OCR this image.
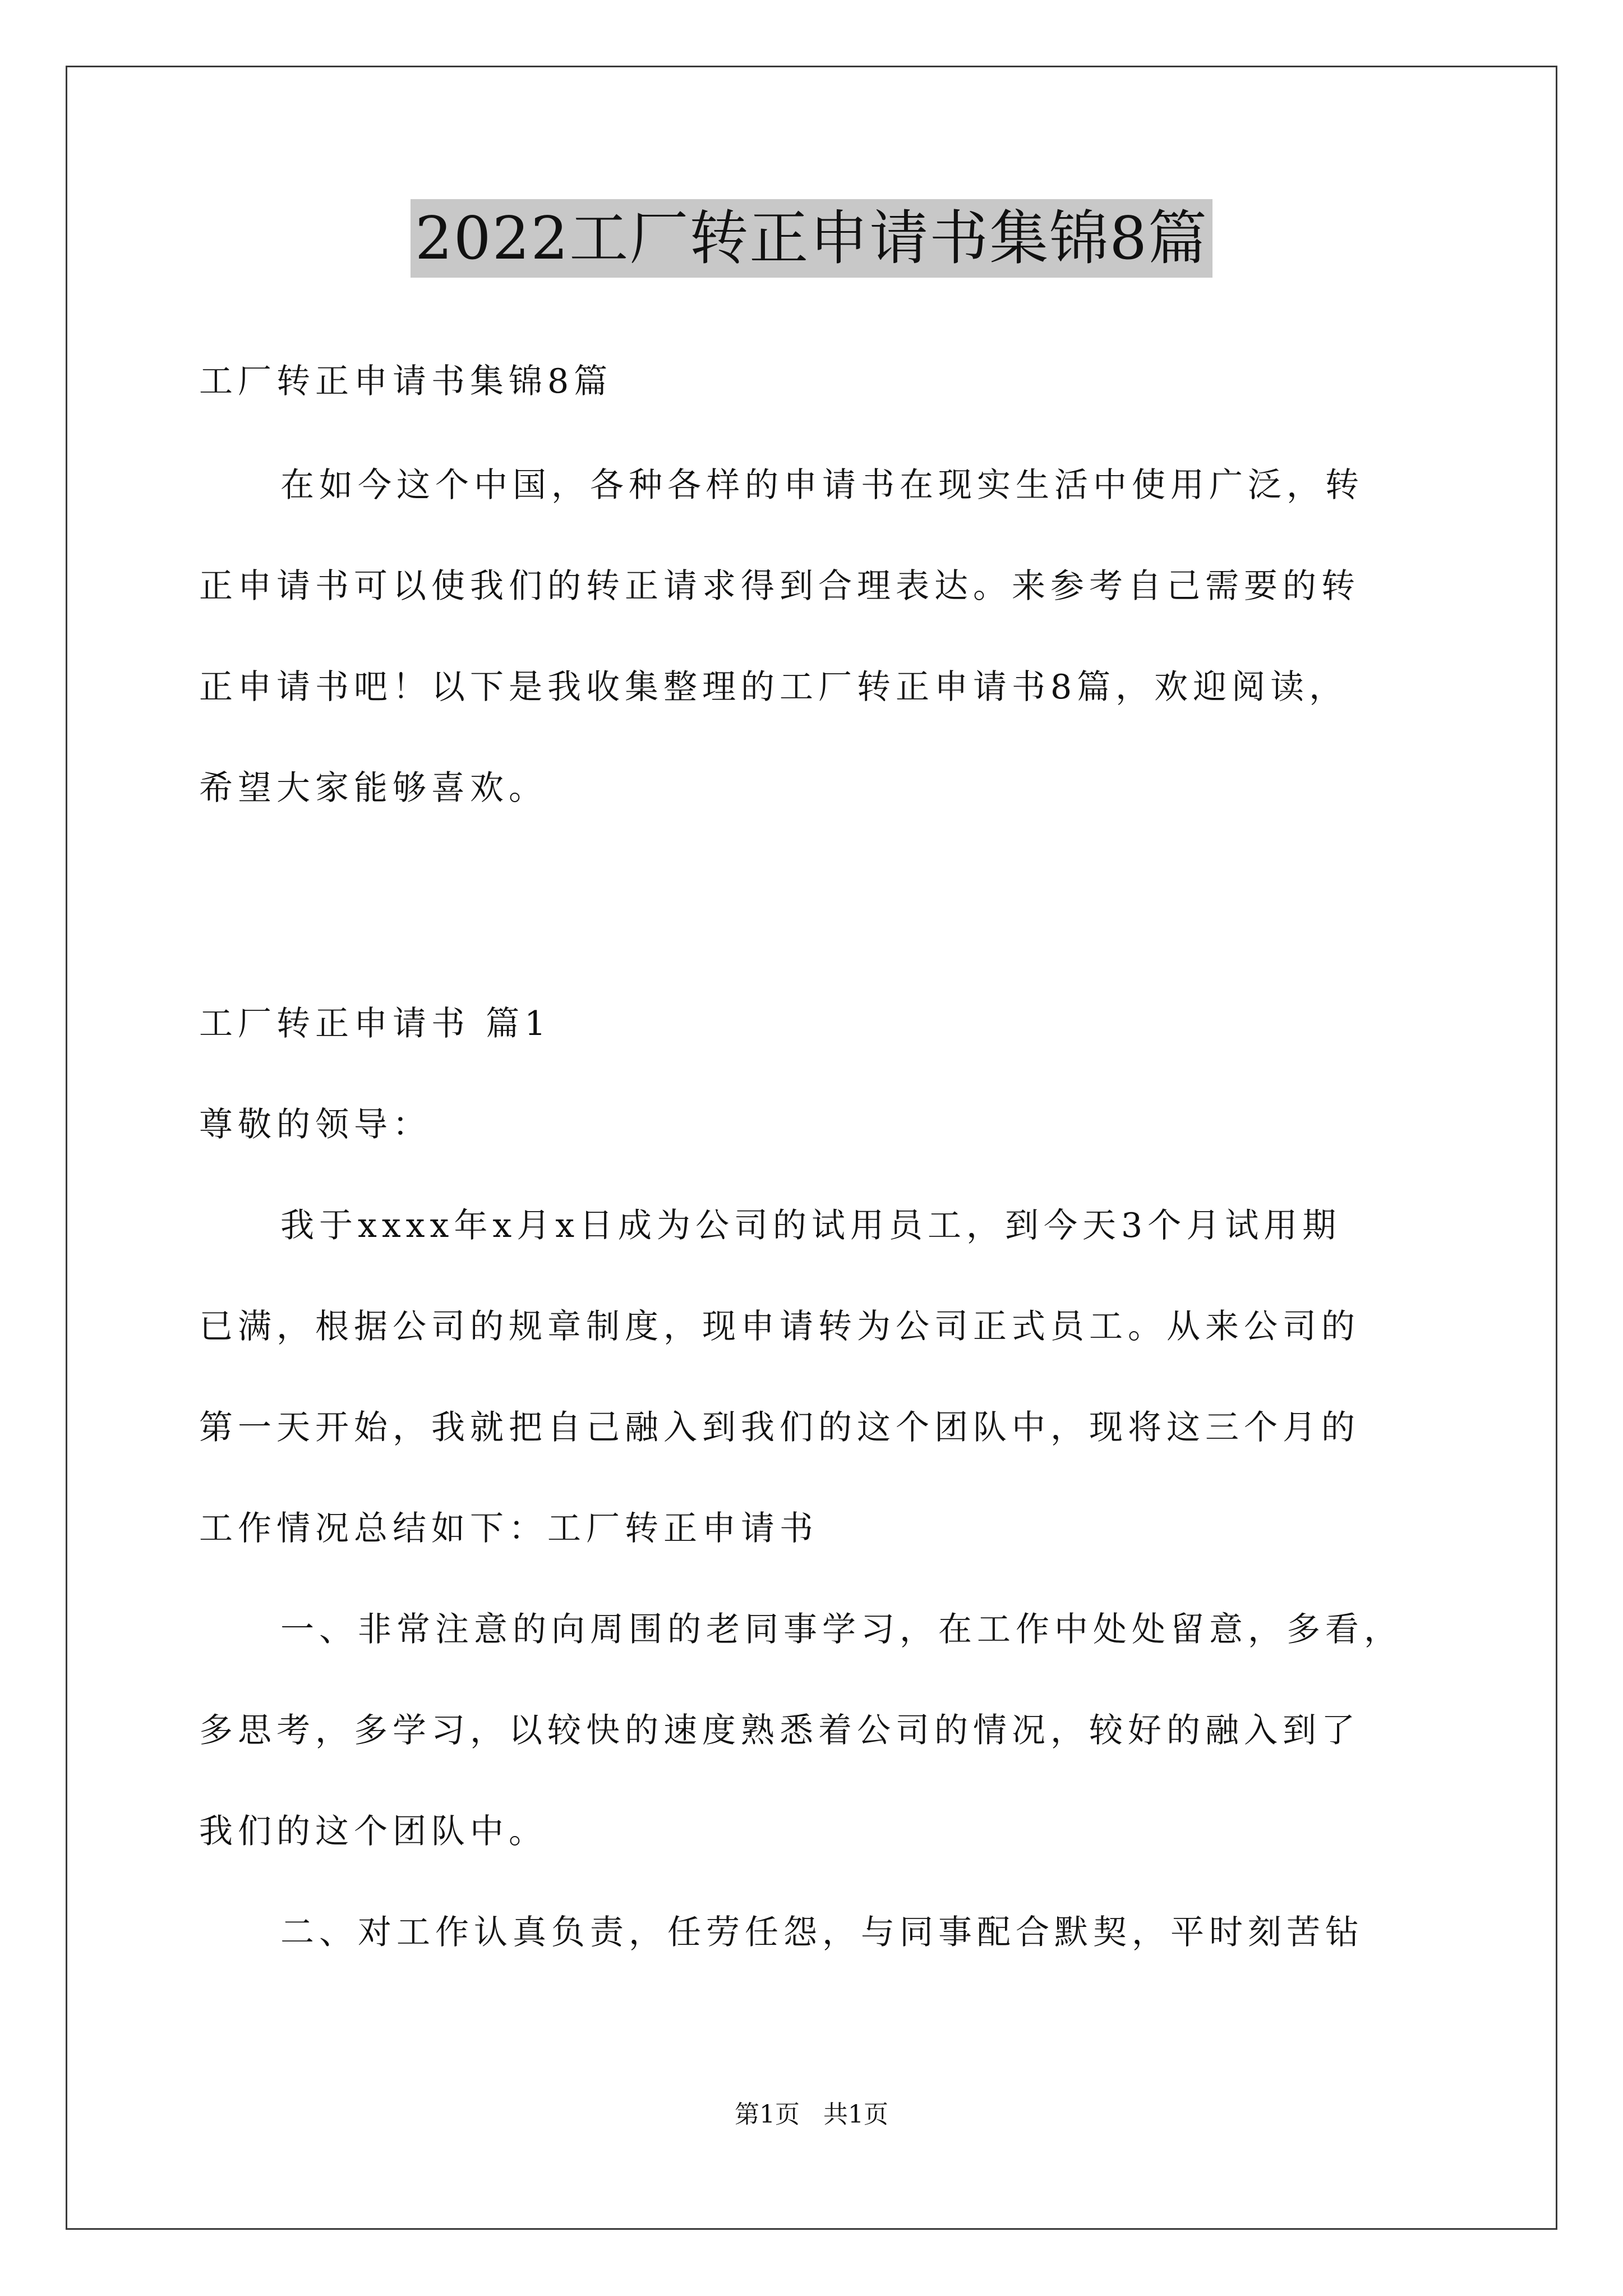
2022工厂转正申请书集锦8篇
工厂转正申请书集锦8篇
在如今这个中国，各种各样的申请书在现实生活中使用广泛，转
正申请书可以使我们的转正请求得到合理表达。来参考自己需要的转
正申请书吧！以下是我收集整理的工厂转正申请书8篇，欢迎阅读，
希望大家能够喜欢。
工厂转正申请书 篇1
尊敬的领导：
我于xxxx年x月x日成为公司的试用员工，到今天3个月试用期
已满，根据公司的规章制度，现申请转为公司正式员工。从来公司的
第一天开始，我就把自己融入到我们的这个团队中，现将这三个月的
工作情况总结如下：工厂转正申请书
一、非常注意的向周围的老同事学习，在工作中处处留意，多看，
多思考，多学习，以较快的速度熟悉着公司的情况，较好的融入到了
我们的这个团队中。
二、对工作认真负责，任劳任怨，与同事配合默契，平时刻苦钻
第1页 共1页
